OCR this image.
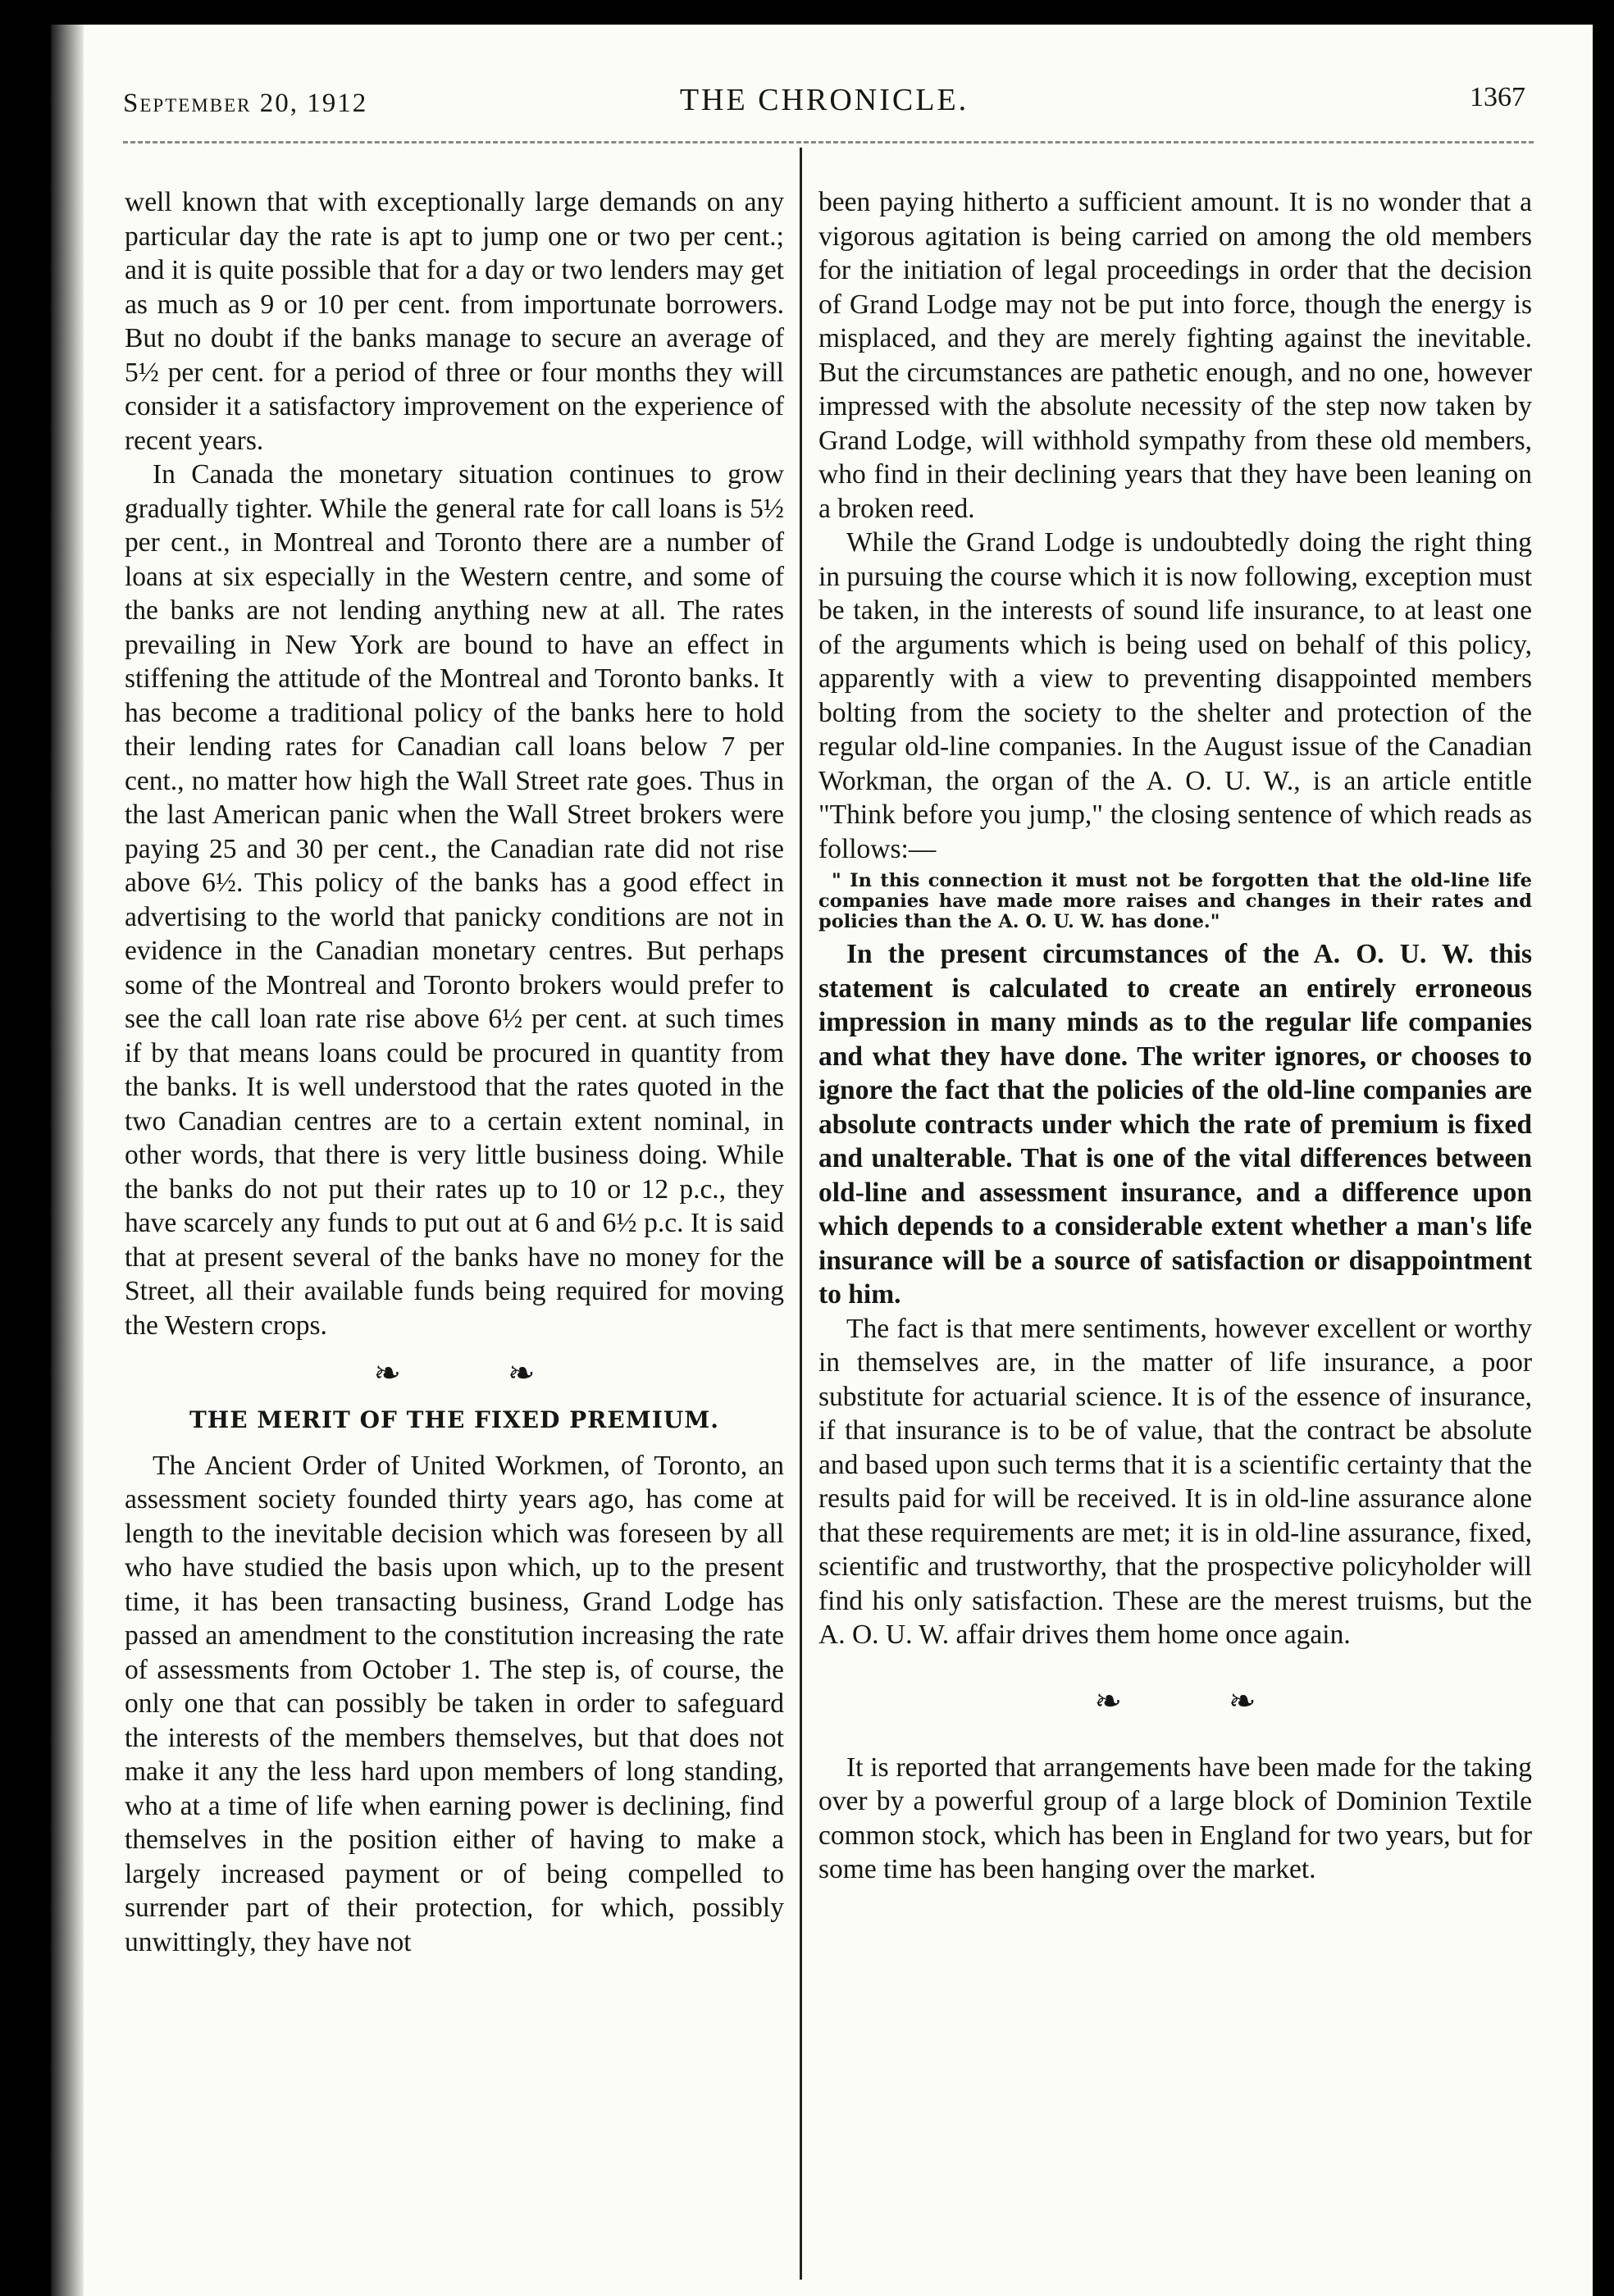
September 20, 1912	THE CHRONICLE.	1367

well known that with exceptionally large demands on any particular day the rate is apt to jump one or two per cent.; and it is quite possible that for a day or two lenders may get as much as 9 or 10 per cent. from importunate borrowers. But no doubt if the banks manage to secure an average of 5½ per cent. for a period of three or four months they will consider it a satisfactory improvement on the experience of recent years.

In Canada the monetary situation continues to grow gradually tighter. While the general rate for call loans is 5½ per cent., in Montreal and Toronto there are a number of loans at six especially in the Western centre, and some of the banks are not lending anything new at all. The rates prevailing in New York are bound to have an effect in stiffening the attitude of the Montreal and Toronto banks. It has become a traditional policy of the banks here to hold their lending rates for Canadian call loans below 7 per cent., no matter how high the Wall Street rate goes. Thus in the last American panic when the Wall Street brokers were paying 25 and 30 per cent., the Canadian rate did not rise above 6½. This policy of the banks has a good effect in advertising to the world that panicky conditions are not in evidence in the Canadian monetary centres. But perhaps some of the Montreal and Toronto brokers would prefer to see the call loan rate rise above 6½ per cent. at such times if by that means loans could be procured in quantity from the banks. It is well understood that the rates quoted in the two Canadian centres are to a certain extent nominal, in other words, that there is very little business doing. While the banks do not put their rates up to 10 or 12 p.c., they have scarcely any funds to put out at 6 and 6½ p.c. It is said that at present several of the banks have no money for the Street, all their available funds being required for moving the Western crops.

❧ ❧
THE MERIT OF THE FIXED PREMIUM.

The Ancient Order of United Workmen, of Toronto, an assessment society founded thirty years ago, has come at length to the inevitable decision which was foreseen by all who have studied the basis upon which, up to the present time, it has been transacting business, Grand Lodge has passed an amendment to the constitution increasing the rate of assessments from October 1. The step is, of course, the only one that can possibly be taken in order to safeguard the interests of the members themselves, but that does not make it any the less hard upon members of long standing, who at a time of life when earning power is declining, find themselves in the position either of having to make a largely increased payment or of being compelled to surrender part of their protection, for which, possibly unwittingly, they have not

been paying hitherto a sufficient amount. It is no wonder that a vigorous agitation is being carried on among the old members for the initiation of legal proceedings in order that the decision of Grand Lodge may not be put into force, though the energy is misplaced, and they are merely fighting against the inevitable. But the circumstances are pathetic enough, and no one, however impressed with the absolute necessity of the step now taken by Grand Lodge, will withhold sympathy from these old members, who find in their declining years that they have been leaning on a broken reed.

While the Grand Lodge is undoubtedly doing the right thing in pursuing the course which it is now following, exception must be taken, in the interests of sound life insurance, to at least one of the arguments which is being used on behalf of this policy, apparently with a view to preventing disappointed members bolting from the society to the shelter and protection of the regular old-line companies. In the August issue of the Canadian Workman, the organ of the A. O. U. W., is an article entitle "Think before you jump," the closing sentence of which reads as follows:—

" In this connection it must not be forgotten that the old-line life companies have made more raises and changes in their rates and policies than the A. O. U. W. has done."

In the present circumstances of the A. O. U. W. this statement is calculated to create an entirely erroneous impression in many minds as to the regular life companies and what they have done. The writer ignores, or chooses to ignore the fact that the policies of the old-line companies are absolute contracts under which the rate of premium is fixed and unalterable. That is one of the vital differences between old-line and assessment insurance, and a difference upon which depends to a considerable extent whether a man's life insurance will be a source of satisfaction or disappointment to him.

The fact is that mere sentiments, however excellent or worthy in themselves are, in the matter of life insurance, a poor substitute for actuarial science. It is of the essence of insurance, if that insurance is to be of value, that the contract be absolute and based upon such terms that it is a scientific certainty that the results paid for will be received. It is in old-line assurance alone that these requirements are met; it is in old-line assurance, fixed, scientific and trustworthy, that the prospective policyholder will find his only satisfaction. These are the merest truisms, but the A. O. U. W. affair drives them home once again.

❧ ❧

It is reported that arrangements have been made for the taking over by a powerful group of a large block of Dominion Textile common stock, which has been in England for two years, but for some time has been hanging over the market.
